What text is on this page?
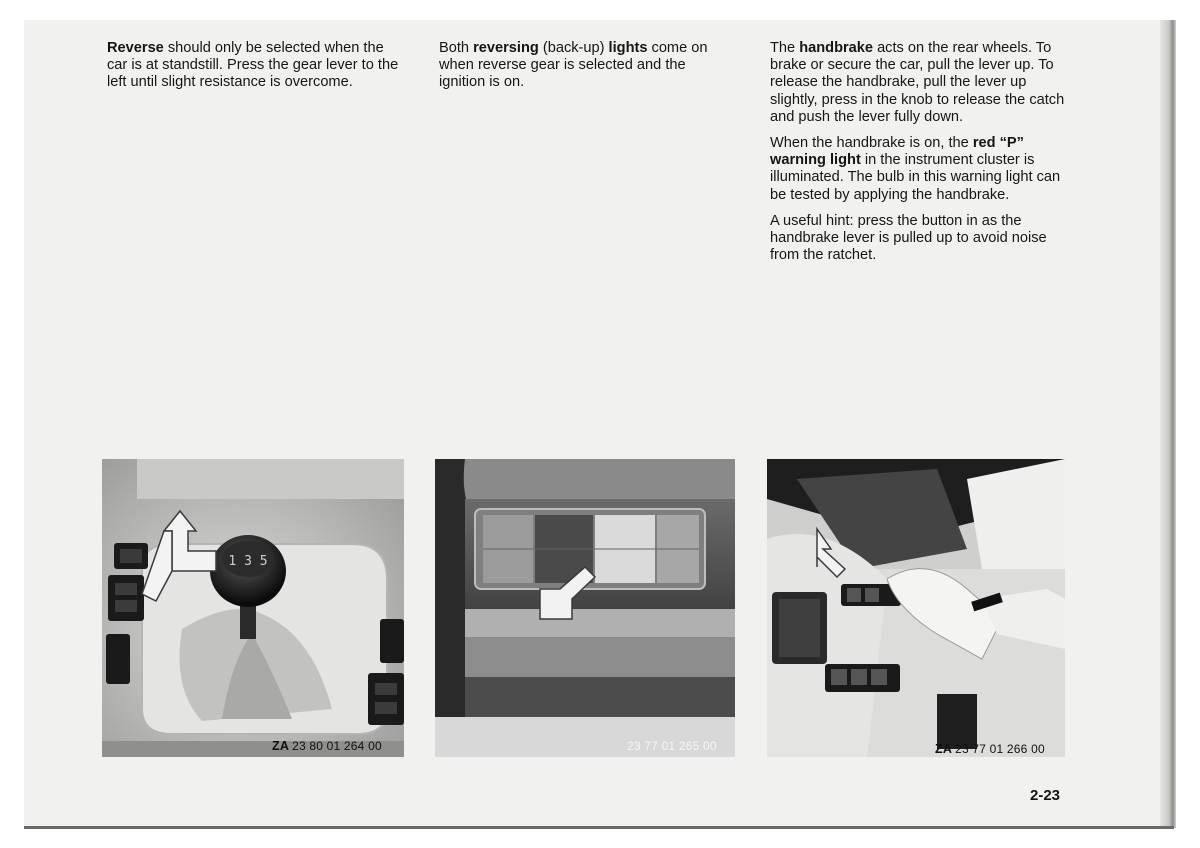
Reverse should only be selected when the car is at standstill. Press the gear lever to the left until slight resistance is overcome.

Both reversing (back-up) lights come on when reverse gear is selected and the ignition is on.

The handbrake acts on the rear wheels. To brake or secure the car, pull the lever up. To release the handbrake, pull the lever up slightly, press in the knob to release the catch and push the lever fully down.

When the handbrake is on, the red “P” warning light in the instrument cluster is illuminated. The bulb in this warning light can be tested by applying the handbrake.

A useful hint: press the button in as the handbrake lever is pulled up to avoid noise from the ratchet.

1 3 5
ZA 23 80 01 264 00	23 77 01 265 00	ZA 23 77 01 266 00
2-23
